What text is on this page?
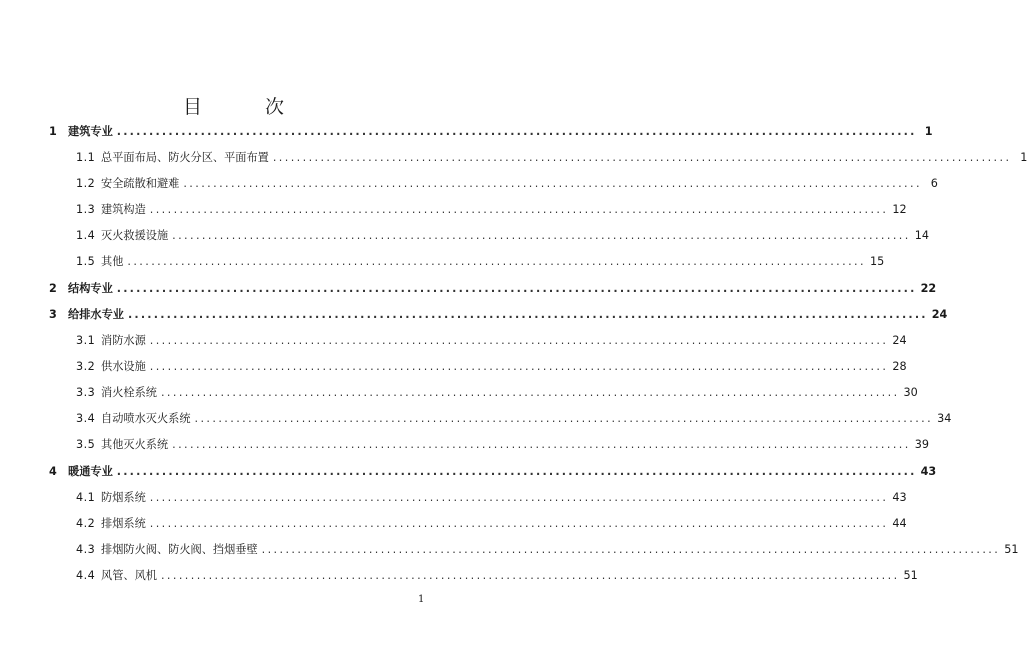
目　次
1	建筑专业 ............................................................................................................................ 1
1.1 总平面布局、防火分区、平面布置 ............................................................................................................................ 1
1.2 安全疏散和避难 ............................................................................................................................ 6
1.3 建筑构造 ............................................................................................................................ 12
1.4 灭火救援设施 ............................................................................................................................ 14
1.5 其他 ............................................................................................................................ 15
2	结构专业 ............................................................................................................................ 22
3	给排水专业 ............................................................................................................................ 24
3.1 消防水源 ............................................................................................................................ 24
3.2 供水设施 ............................................................................................................................ 28
3.3 消火栓系统 ............................................................................................................................ 30
3.4 自动喷水灭火系统 ............................................................................................................................ 34
3.5 其他灭火系统 ............................................................................................................................ 39
4	暖通专业 ............................................................................................................................ 43
4.1 防烟系统 ............................................................................................................................ 43
4.2 排烟系统 ............................................................................................................................ 44
4.3 排烟防火阀、防火阀、挡烟垂壁 ............................................................................................................................ 51
4.4 风管、风机 ............................................................................................................................ 51
1
